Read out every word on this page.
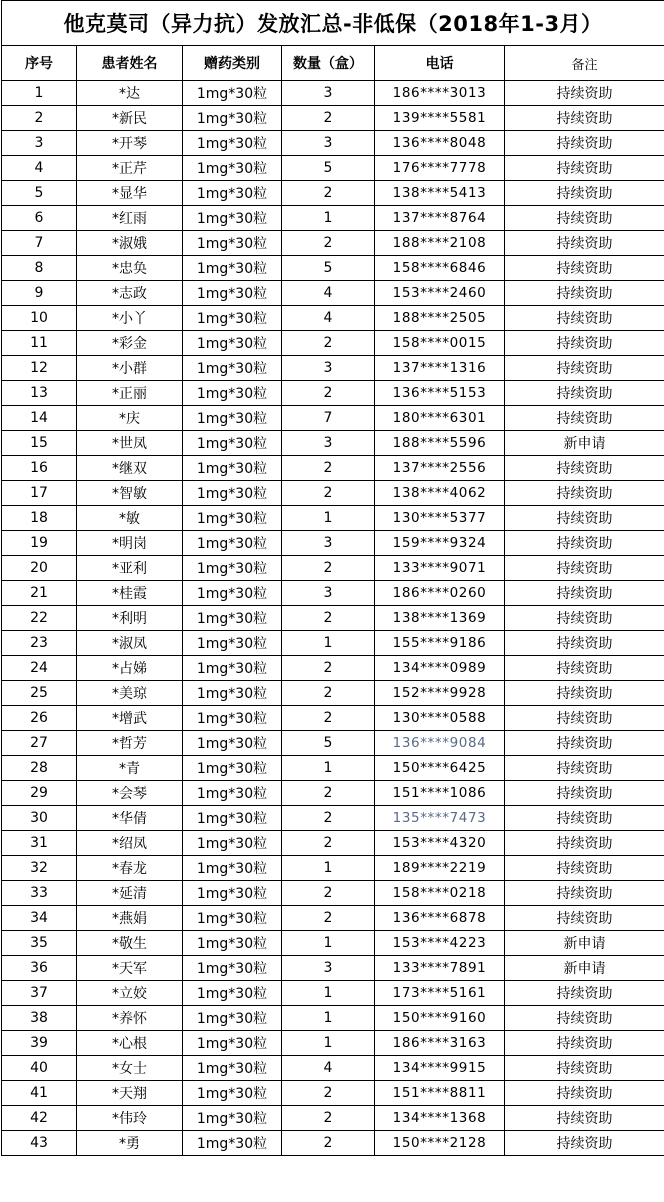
他克莫司（异力抗）发放汇总-非低保（2018年1-3月）					
序号	患者姓名	赠药类别	数量（盒）	电话	备注
1	*达	1mg*30粒	3	186****3013	持续资助
2	*新民	1mg*30粒	2	139****5581	持续资助
3	*开琴	1mg*30粒	3	136****8048	持续资助
4	*正芹	1mg*30粒	5	176****7778	持续资助
5	*显华	1mg*30粒	2	138****5413	持续资助
6	*红雨	1mg*30粒	1	137****8764	持续资助
7	*淑娥	1mg*30粒	2	188****2108	持续资助
8	*忠奂	1mg*30粒	5	158****6846	持续资助
9	*志政	1mg*30粒	4	153****2460	持续资助
10	*小丫	1mg*30粒	4	188****2505	持续资助
11	*彩金	1mg*30粒	2	158****0015	持续资助
12	*小群	1mg*30粒	3	137****1316	持续资助
13	*正丽	1mg*30粒	2	136****5153	持续资助
14	*庆	1mg*30粒	7	180****6301	持续资助
15	*世凤	1mg*30粒	3	188****5596	新申请
16	*继双	1mg*30粒	2	137****2556	持续资助
17	*智敏	1mg*30粒	2	138****4062	持续资助
18	*敏	1mg*30粒	1	130****5377	持续资助
19	*明岗	1mg*30粒	3	159****9324	持续资助
20	*亚利	1mg*30粒	2	133****9071	持续资助
21	*桂霞	1mg*30粒	3	186****0260	持续资助
22	*利明	1mg*30粒	2	138****1369	持续资助
23	*淑凤	1mg*30粒	1	155****9186	持续资助
24	*占娣	1mg*30粒	2	134****0989	持续资助
25	*美琼	1mg*30粒	2	152****9928	持续资助
26	*增武	1mg*30粒	2	130****0588	持续资助
27	*哲芳	1mg*30粒	5	136****9084	持续资助
28	*青	1mg*30粒	1	150****6425	持续资助
29	*会琴	1mg*30粒	2	151****1086	持续资助
30	*华倩	1mg*30粒	2	135****7473	持续资助
31	*绍凤	1mg*30粒	2	153****4320	持续资助
32	*春龙	1mg*30粒	1	189****2219	持续资助
33	*延清	1mg*30粒	2	158****0218	持续资助
34	*燕娟	1mg*30粒	2	136****6878	持续资助
35	*敬生	1mg*30粒	1	153****4223	新申请
36	*天军	1mg*30粒	3	133****7891	新申请
37	*立姣	1mg*30粒	1	173****5161	持续资助
38	*养怀	1mg*30粒	1	150****9160	持续资助
39	*心根	1mg*30粒	1	186****3163	持续资助
40	*女士	1mg*30粒	4	134****9915	持续资助
41	*天翔	1mg*30粒	2	151****8811	持续资助
42	*伟玲	1mg*30粒	2	134****1368	持续资助
43	*勇	1mg*30粒	2	150****2128	持续资助
